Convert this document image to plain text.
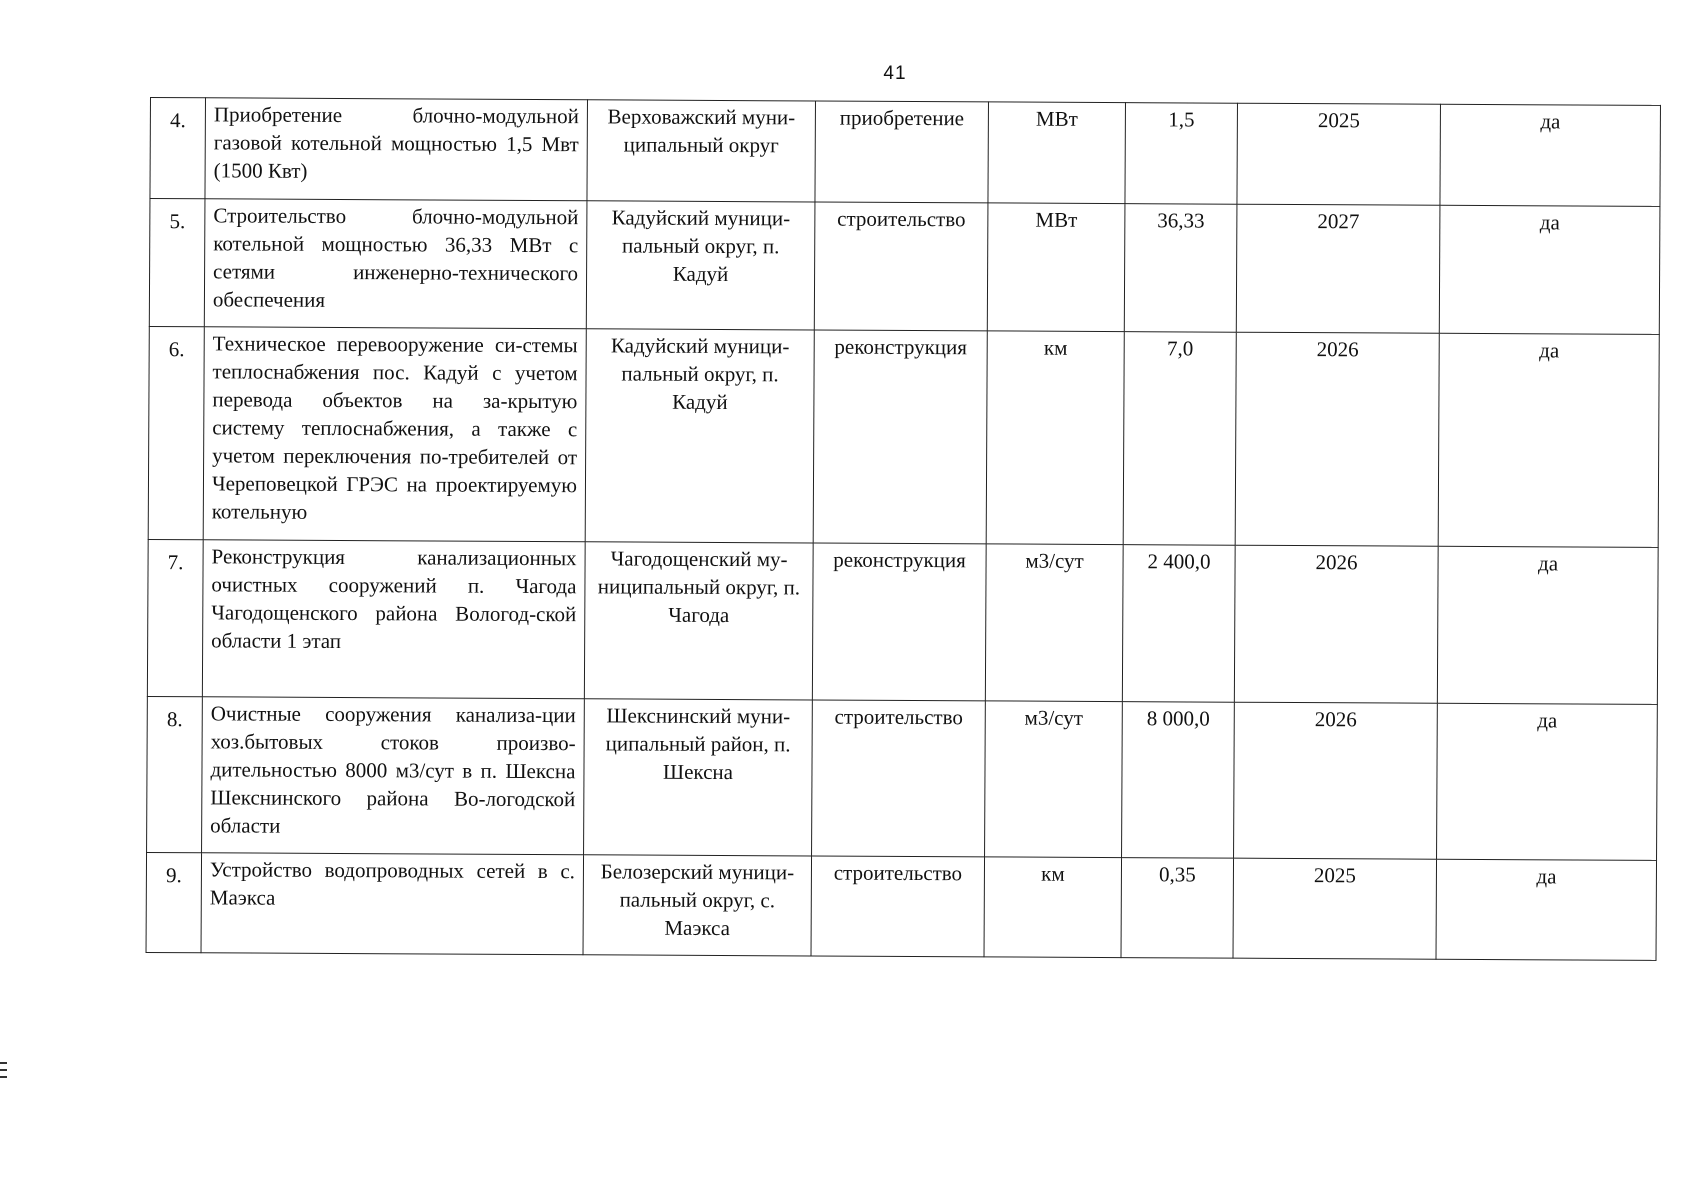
41
4.	Приобретение блочно-модульной газовой котельной мощностью 1,5 Мвт (1500 Квт)	Верховажский муни-ципальный округ	приобретение	МВт	1,5	2025	да
5.	Строительство блочно-модульной котельной мощностью 36,33 МВт с сетями инженерно-технического обеспечения	Кадуйский муници-пальный округ, п. Кадуй	строительство	МВт	36,33	2027	да
6.	Техническое перевооружение си-стемы теплоснабжения пос. Кадуй с учетом перевода объектов на за-крытую систему теплоснабжения, а также с учетом переключения по-требителей от Череповецкой ГРЭС на проектируемую котельную	Кадуйский муници-пальный округ, п. Кадуй	реконструкция	км	7,0	2026	да
7.	Реконструкция канализационных очистных сооружений п. Чагода Чагодощенского района Вологод-ской области 1 этап	Чагодощенский му-ниципальный округ, п. Чагода	реконструкция	м3/сут	2 400,0	2026	да
8.	Очистные сооружения канализа-ции хоз.бытовых стоков произво-дительностью 8000 м3/сут в п. Шексна Шекснинского района Во-логодской области	Шекснинский муни-ципальный район, п. Шексна	строительство	м3/сут	8 000,0	2026	да
9.	Устройство водопроводных сетей в с. Маэкса	Белозерский муници-пальный округ, с. Маэкса	строительство	км	0,35	2025	да
